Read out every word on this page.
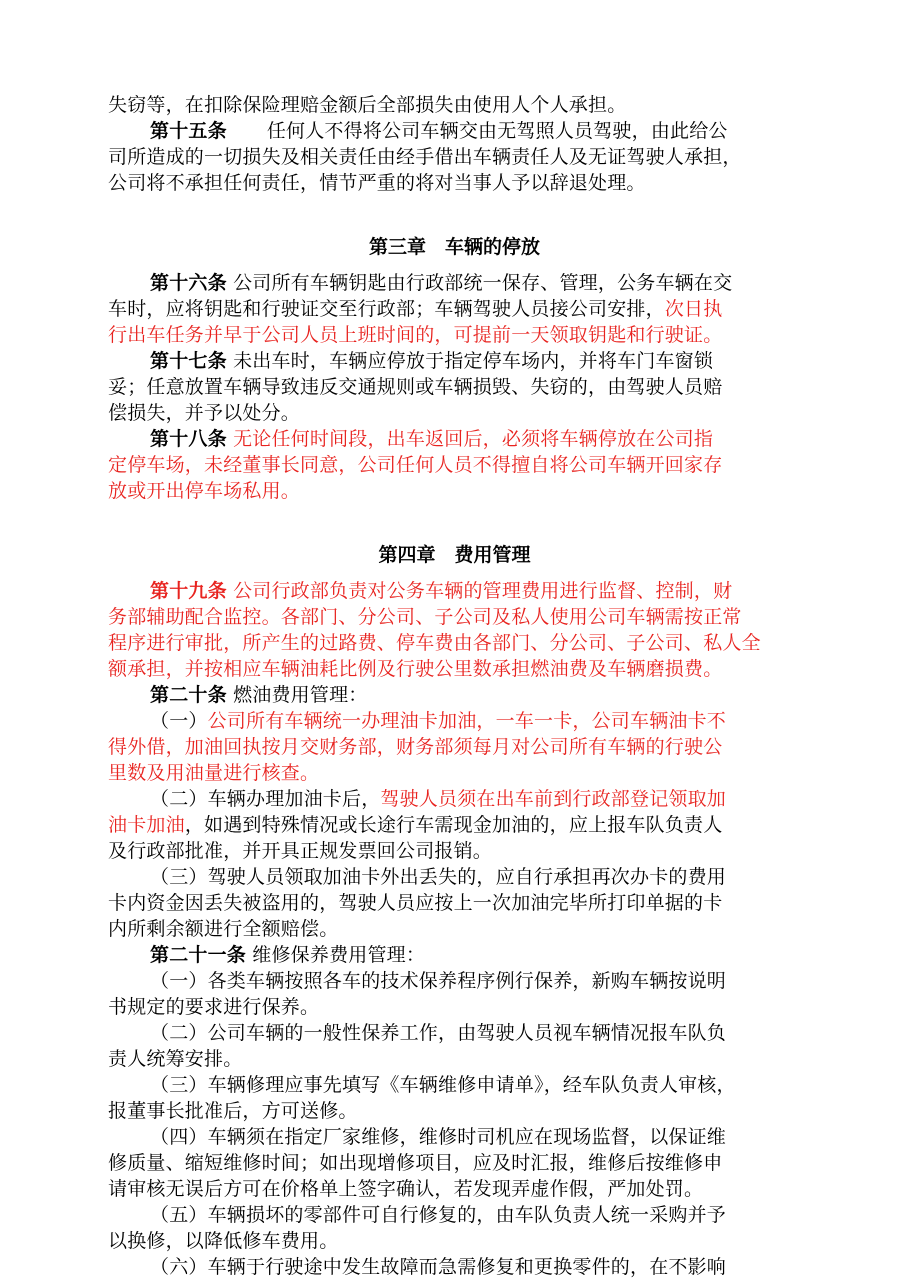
失窃等，在扣除保险理赔金额后全部损失由使用人个人承担。
第十五条 任何人不得将公司车辆交由无驾照人员驾驶，由此给公
司所造成的一切损失及相关责任由经手借出车辆责任人及无证驾驶人承担，
公司将不承担任何责任，情节严重的将对当事人予以辞退处理。
第三章　车辆的停放
第十六条 公司所有车辆钥匙由行政部统一保存、管理，公务车辆在交
车时，应将钥匙和行驶证交至行政部；车辆驾驶人员接公司安排，次日执
行出车任务并早于公司人员上班时间的，可提前一天领取钥匙和行驶证。
第十七条 未出车时，车辆应停放于指定停车场内，并将车门车窗锁
妥；任意放置车辆导致违反交通规则或车辆损毁、失窃的，由驾驶人员赔
偿损失，并予以处分。
第十八条 无论任何时间段，出车返回后，必须将车辆停放在公司指
定停车场，未经董事长同意，公司任何人员不得擅自将公司车辆开回家存
放或开出停车场私用。
第四章　费用管理
第十九条 公司行政部负责对公务车辆的管理费用进行监督、控制，财
务部辅助配合监控。各部门、分公司、子公司及私人使用公司车辆需按正常
程序进行审批，所产生的过路费、停车费由各部门、分公司、子公司、私人全
额承担，并按相应车辆油耗比例及行驶公里数承担燃油费及车辆磨损费。
第二十条 燃油费用管理：
（一）公司所有车辆统一办理油卡加油，一车一卡，公司车辆油卡不
得外借，加油回执按月交财务部，财务部须每月对公司所有车辆的行驶公
里数及用油量进行核查。
（二）车辆办理加油卡后，驾驶人员须在出车前到行政部登记领取加
油卡加油，如遇到特殊情况或长途行车需现金加油的，应上报车队负责人
及行政部批准，并开具正规发票回公司报销。
（三）驾驶人员领取加油卡外出丢失的，应自行承担再次办卡的费用
卡内资金因丢失被盗用的，驾驶人员应按上一次加油完毕所打印单据的卡
内所剩余额进行全额赔偿。
第二十一条 维修保养费用管理：
（一）各类车辆按照各车的技术保养程序例行保养，新购车辆按说明
书规定的要求进行保养。
（二）公司车辆的一般性保养工作，由驾驶人员视车辆情况报车队负
责人统筹安排。
（三）车辆修理应事先填写《车辆维修申请单》，经车队负责人审核，
报董事长批准后，方可送修。
（四）车辆须在指定厂家维修，维修时司机应在现场监督，以保证维
修质量、缩短维修时间；如出现增修项目，应及时汇报，维修后按维修申
请审核无误后方可在价格单上签字确认，若发现弄虚作假，严加处罚。
（五）车辆损坏的零部件可自行修复的，由车队负责人统一采购并予
以换修，以降低修车费用。
（六）车辆于行驶途中发生故障而急需修复和更换零件的，在不影响
